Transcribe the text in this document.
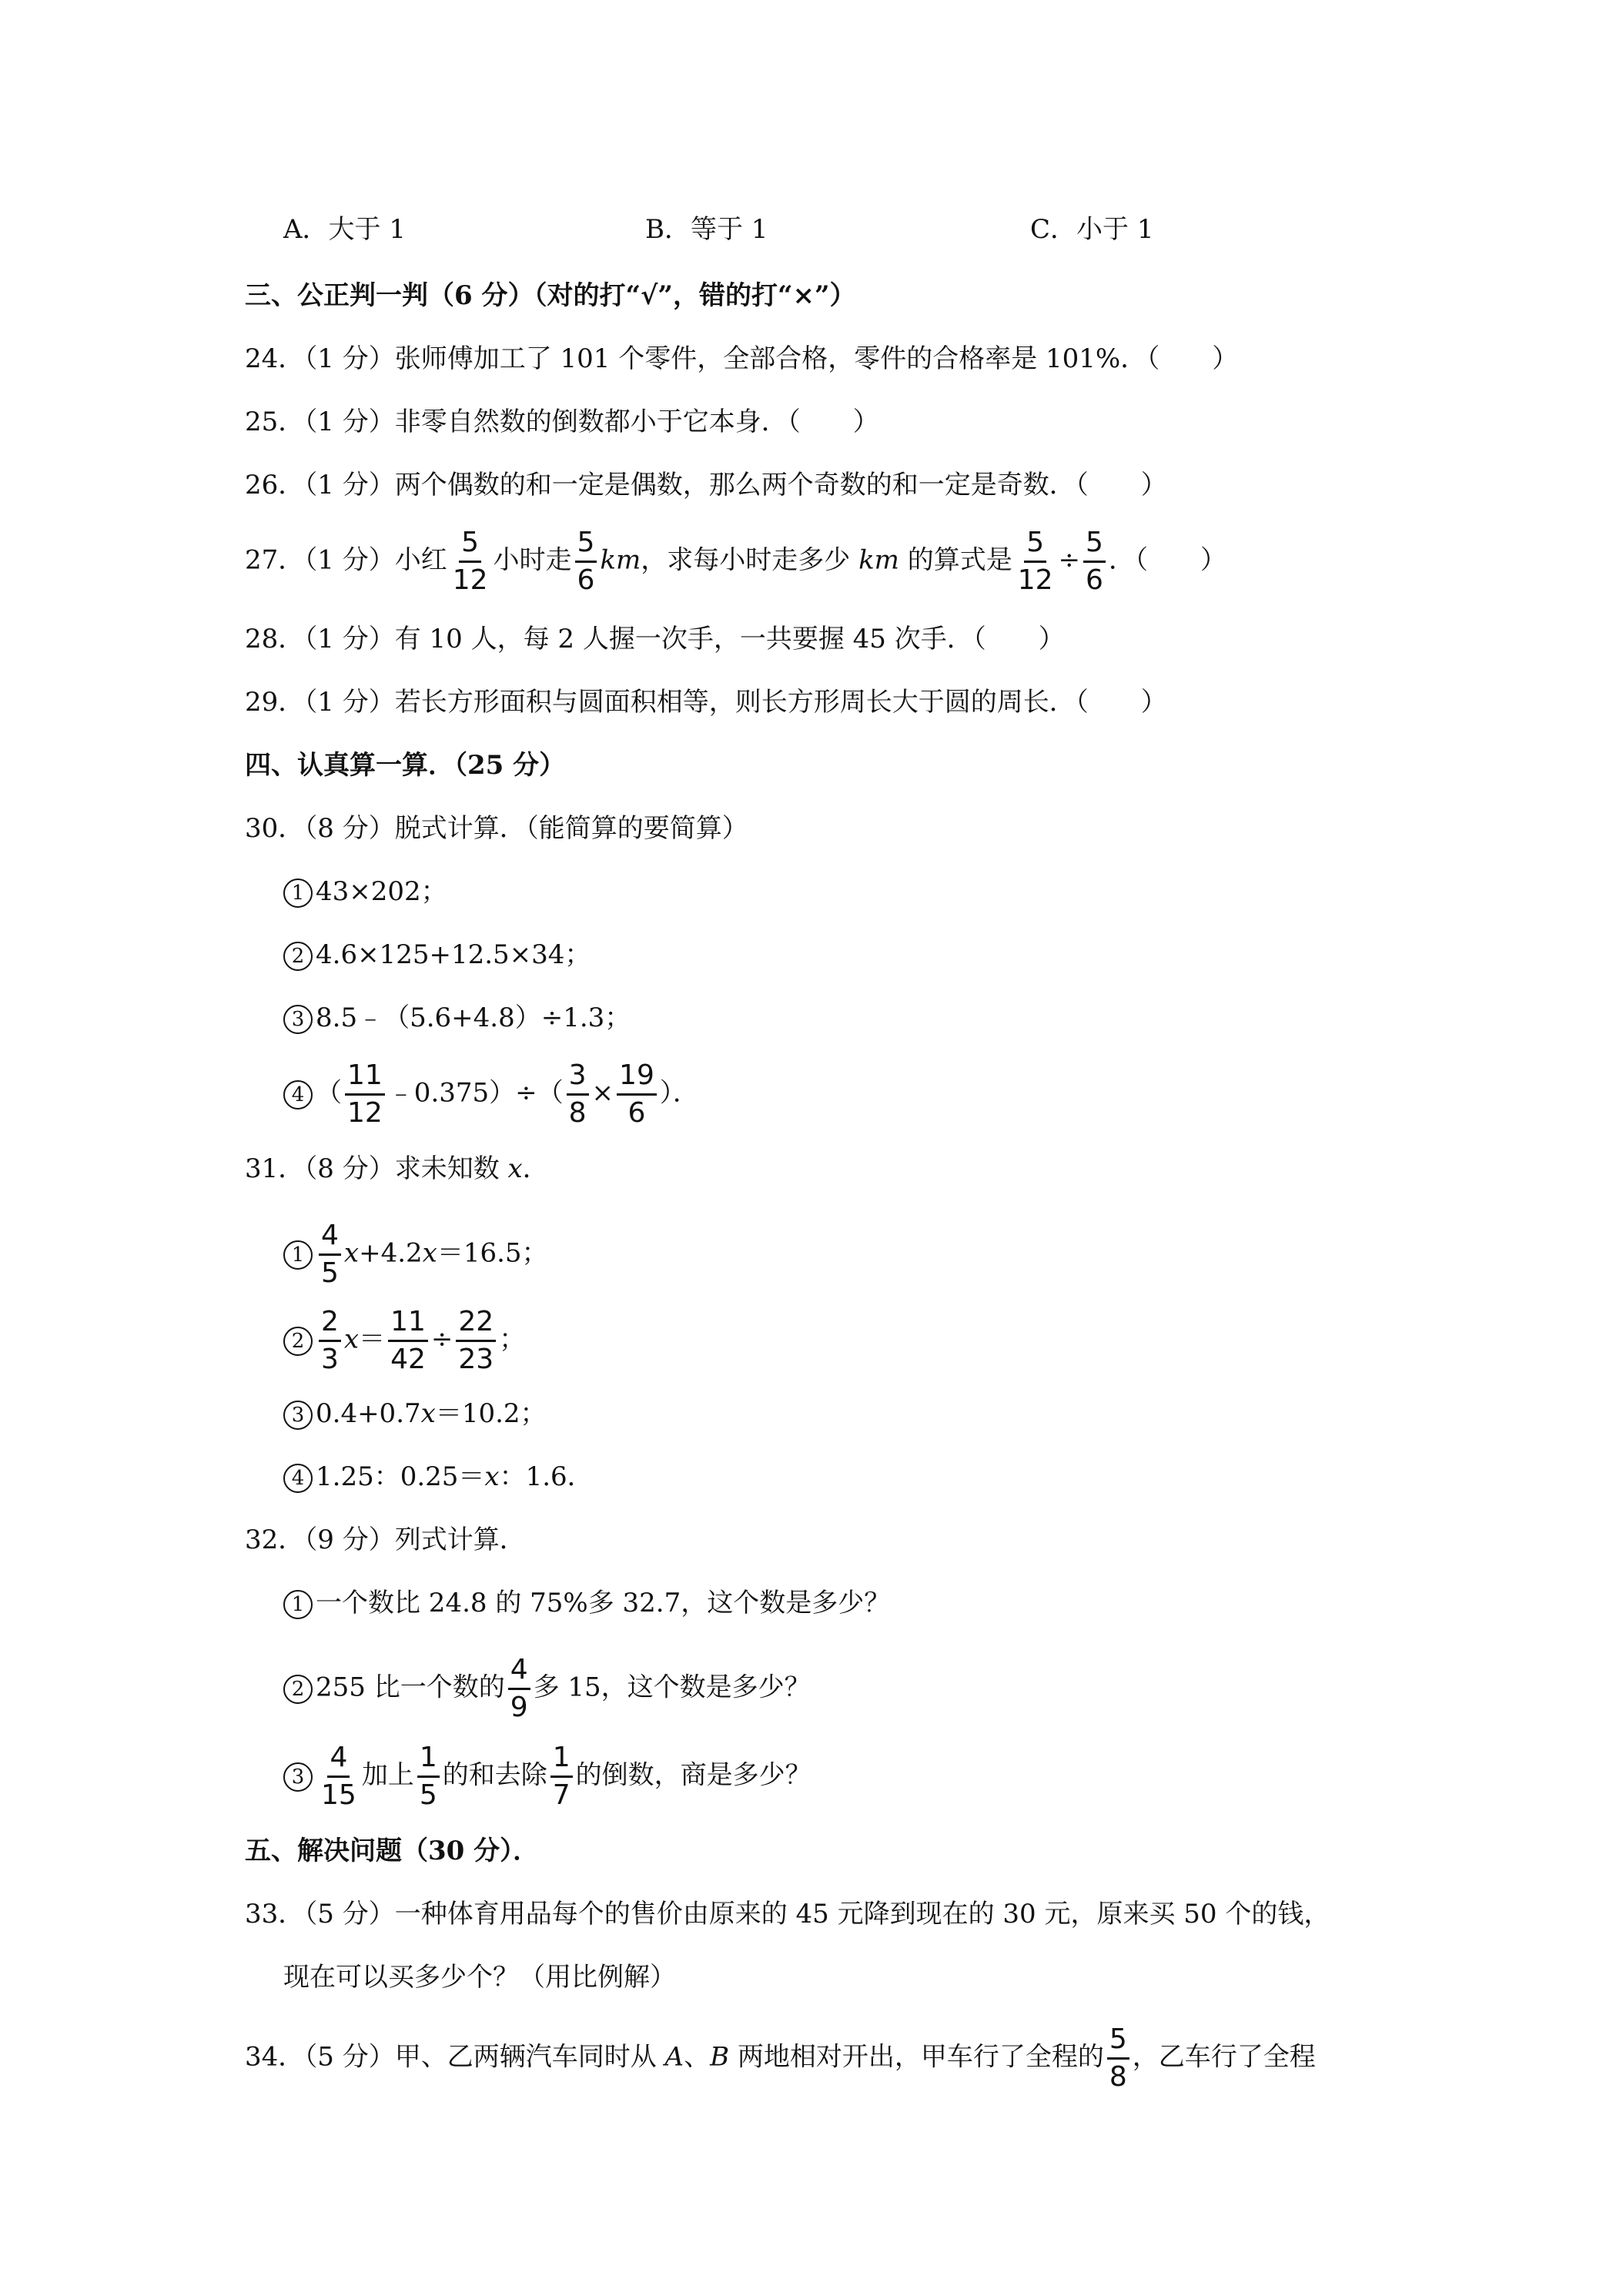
A．大于 1	B．等于 1	C．小于 1
三、公正判一判（6 分）（对的打“√”，错的打“×”）
24．（1 分）张师傅加工了 101 个零件，全部合格，零件的合格率是 101%．（　　）
25．（1 分）非零自然数的倒数都小于它本身．（　　）
26．（1 分）两个偶数的和一定是偶数，那么两个奇数的和一定是奇数．（　　）
27．（1 分）小红 $\frac{5}{12}$ 小时走 $\frac{5}{6}$ km，求每小时走多少 km 的算式是 $\frac{5}{12} \div \frac{5}{6}$ ．（　　）
28．（1 分）有 10 人，每 2 人握一次手，一共要握 45 次手．（　　）
29．（1 分）若长方形面积与圆面积相等，则长方形周长大于圆的周长．（　　）
四、认真算一算．（25 分）
30．（8 分）脱式计算．（能简算的要简算）
1 43×202；
2 4.6×125+12.5×34；
3 8.5﹣（5.6+4.8）÷1.3；
4 （ $\frac{11}{12}$ ﹣0.375）÷（ $\frac{3}{8} \times \frac{19}{6}$ ）．
31．（8 分）求未知数 x．
$1 \frac{4}{5} x+4.2x=16.5$；
$2 \frac{2}{3} x= \frac{11}{42} \div \frac{22}{23}$ ；
3 0.4+0.7x＝10.2；
4 1.25：0.25＝x：1.6．
32．（9 分）列式计算．
1 一个数比 24.8 的 75%多 32.7，这个数是多少？
2 255 比一个数的 $\frac{4}{9}$ 多 15，这个数是多少？
$3 \frac{4}{15}$ 加上 $\frac{1}{5}$ 的和去除 $\frac{1}{7}$ 的倒数，商是多少？
五、解决问题（30 分）．
33．（5 分）一种体育用品每个的售价由原来的 45 元降到现在的 30 元，原来买 50 个的钱，
现在可以买多少个？（用比例解）
34．（5 分）甲、乙两辆汽车同时从 A、B 两地相对开出，甲车行了全程的 $\frac{5}{8}$ ，乙车行了全程
